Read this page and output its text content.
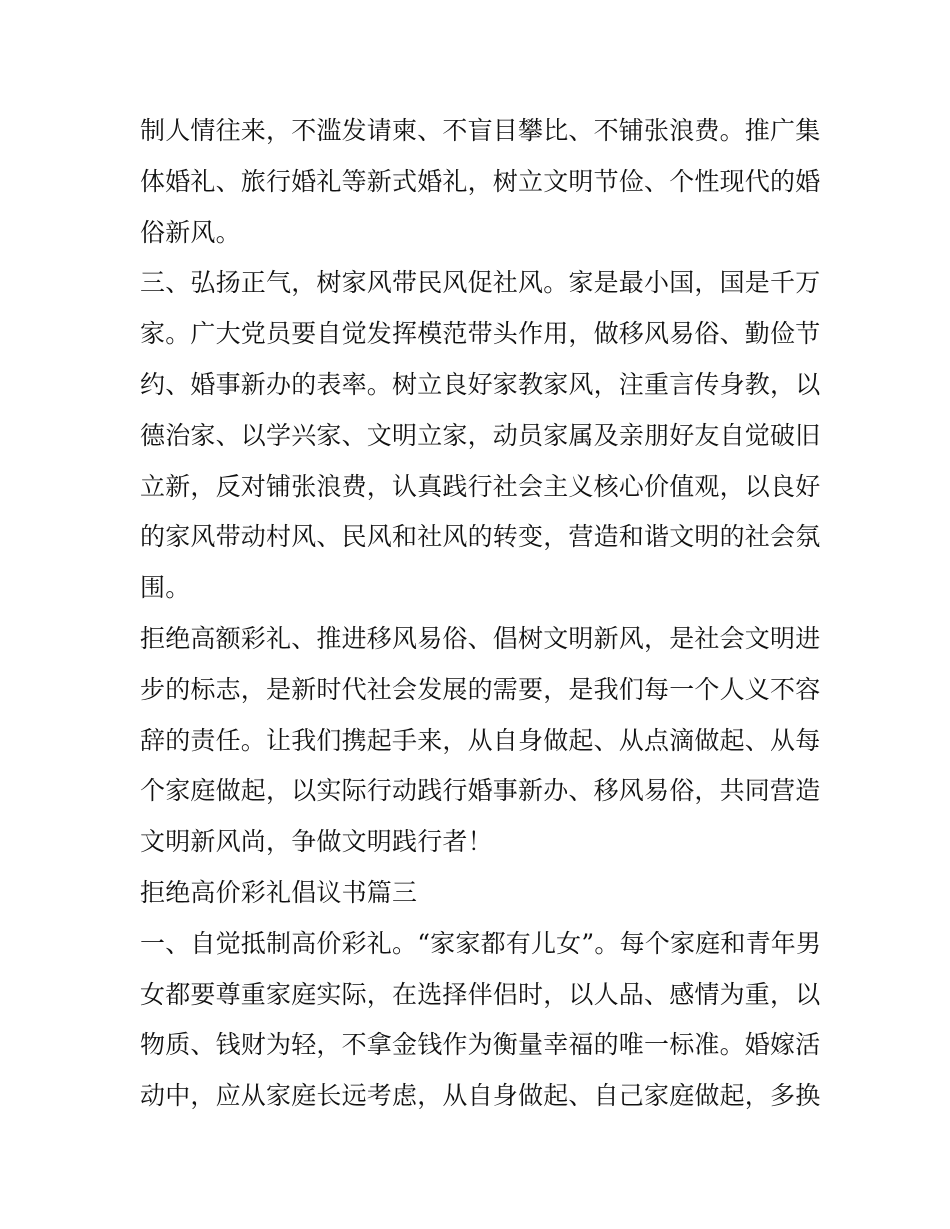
制人情往来，不滥发请柬、不盲目攀比、不铺张浪费。推广集
体婚礼、旅行婚礼等新式婚礼，树立文明节俭、个性现代的婚
俗新风。
三、弘扬正气，树家风带民风促社风。家是最小国，国是千万
家。广大党员要自觉发挥模范带头作用，做移风易俗、勤俭节
约、婚事新办的表率。树立良好家教家风，注重言传身教，以
德治家、以学兴家、文明立家，动员家属及亲朋好友自觉破旧
立新，反对铺张浪费，认真践行社会主义核心价值观，以良好
的家风带动村风、民风和社风的转变，营造和谐文明的社会氛
围。
拒绝高额彩礼、推进移风易俗、倡树文明新风，是社会文明进
步的标志，是新时代社会发展的需要，是我们每一个人义不容
辞的责任。让我们携起手来，从自身做起、从点滴做起、从每
个家庭做起，以实际行动践行婚事新办、移风易俗，共同营造
文明新风尚，争做文明践行者！
拒绝高价彩礼倡议书篇三
一、自觉抵制高价彩礼。“家家都有儿女”。每个家庭和青年男
女都要尊重家庭实际，在选择伴侣时，以人品、感情为重，以
物质、钱财为轻，不拿金钱作为衡量幸福的唯一标准。婚嫁活
动中，应从家庭长远考虑，从自身做起、自己家庭做起，多换
